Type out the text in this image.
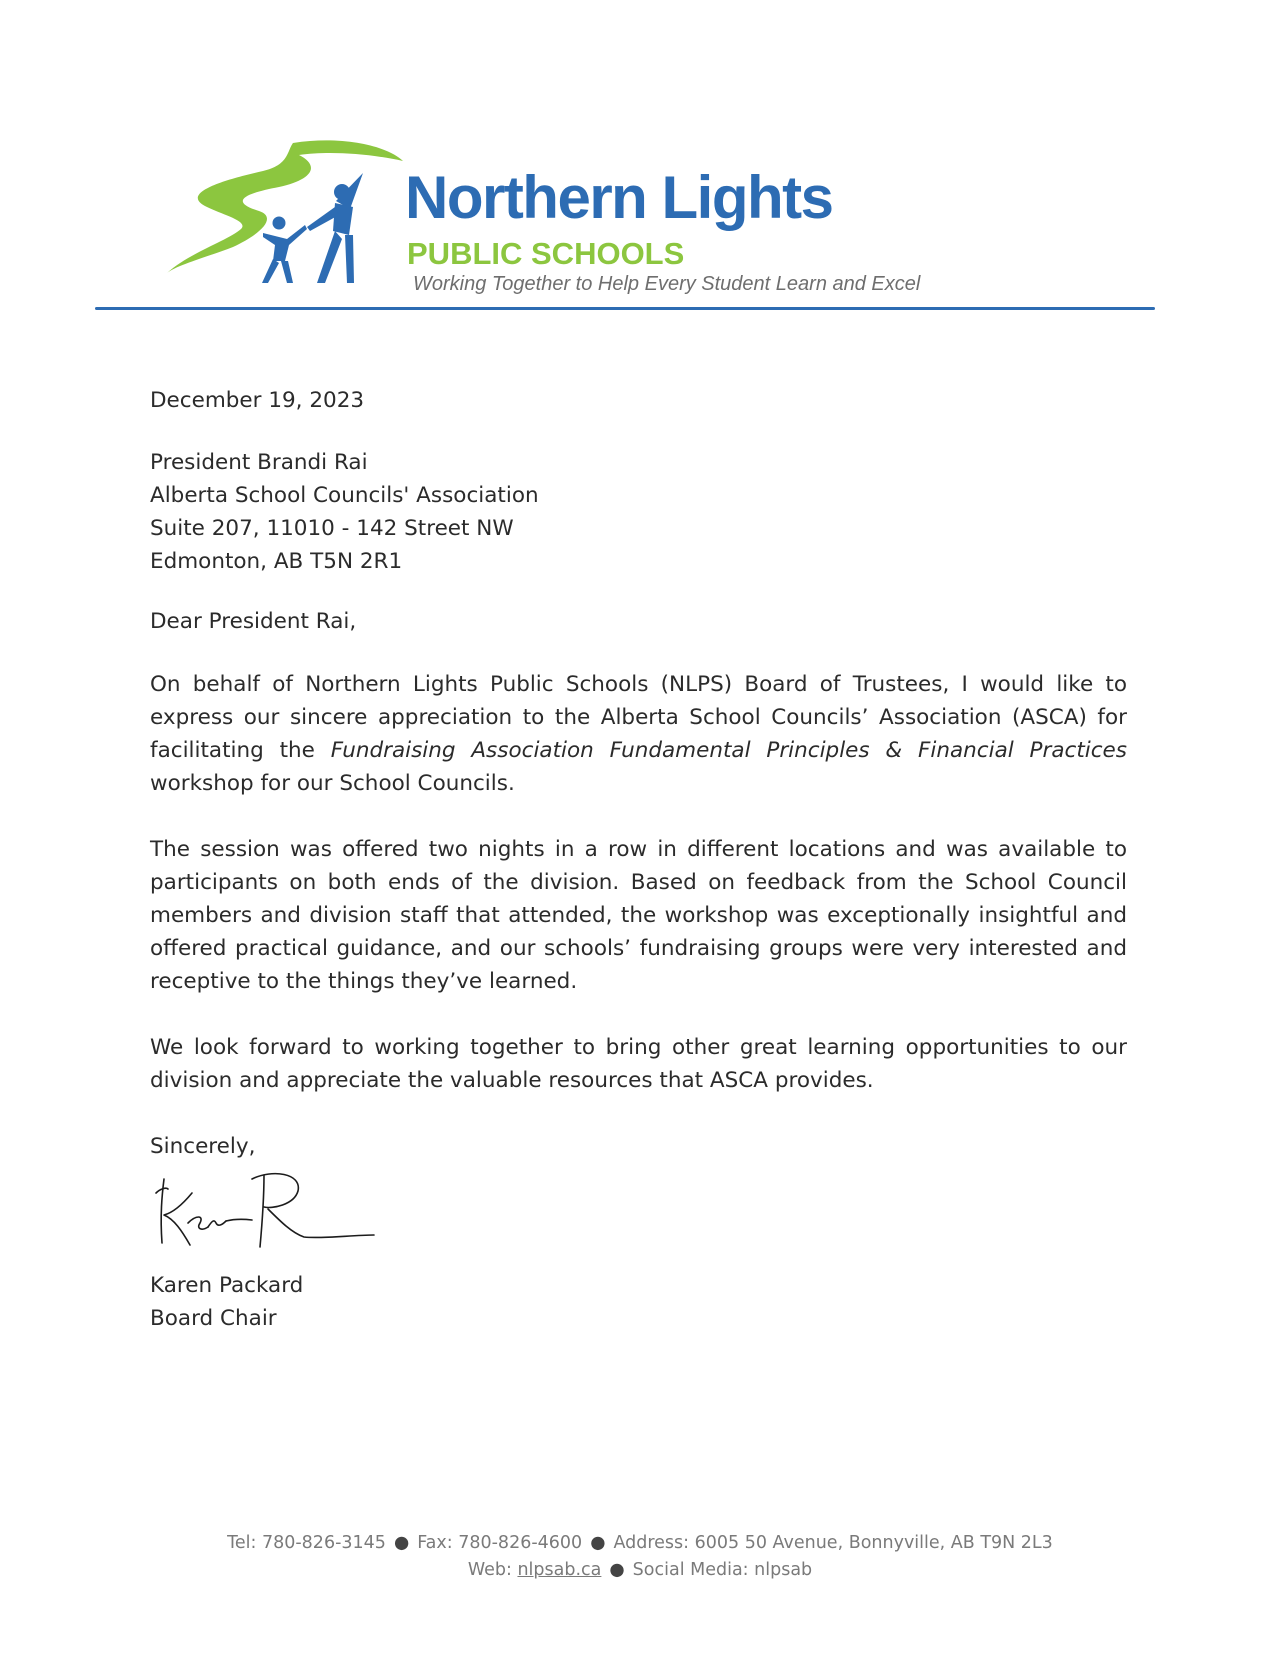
Northern Lights
PUBLIC SCHOOLS
Working Together to Help Every Student Learn and Excel

December 19, 2023

President Brandi Rai

Alberta School Councils' Association

Suite 207, 11010 - 142 Street NW

Edmonton, AB T5N 2R1

Dear President Rai,

On behalf of Northern Lights Public Schools (NLPS) Board of Trustees, I would like to express our sincere appreciation to the Alberta School Councils’ Association (ASCA) for facilitating the Fundraising Association Fundamental Principles & Financial Practices workshop for our School Councils.

The session was offered two nights in a row in different locations and was available to participants on both ends of the division. Based on feedback from the School Council members and division staff that attended, the workshop was exceptionally insightful and offered practical guidance, and our schools’ fundraising groups were very interested and receptive to the things they’ve learned.

We look forward to working together to bring other great learning opportunities to our division and appreciate the valuable resources that ASCA provides.

Sincerely,

Karen Packard

Board Chair

Tel: 780-826-3145 ● Fax: 780-826-4600 ● Address: 6005 50 Avenue, Bonnyville, AB T9N 2L3
Web: nlpsab.ca ● Social Media: nlpsab
